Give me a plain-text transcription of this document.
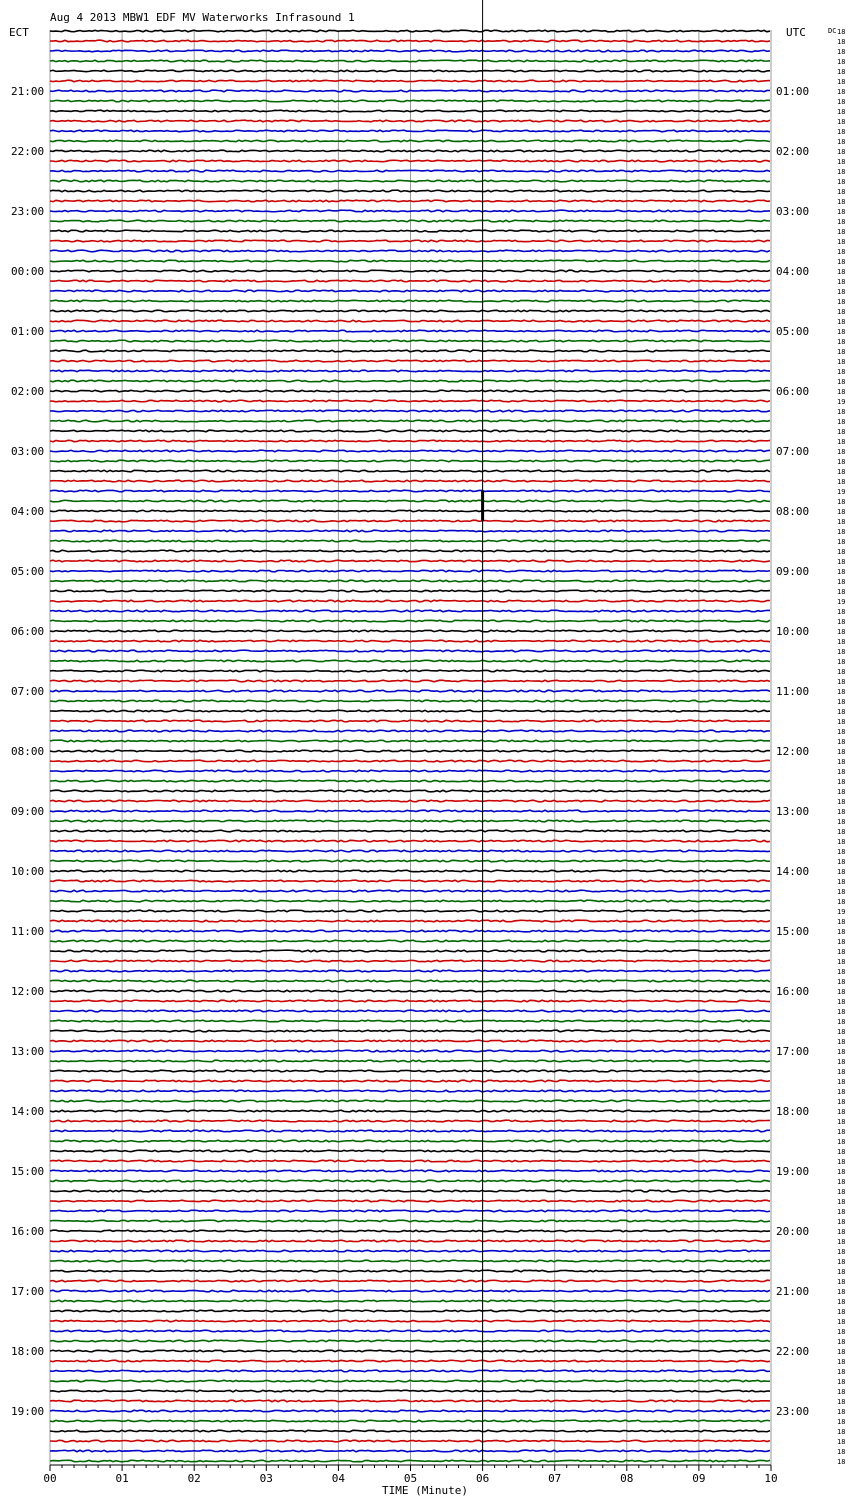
Aug 4 2013 MBW1 EDF MV Waterworks Infrasound 1
ECT	UTC	DC
TIME (Minute)
00	01	02	03	04	05	06	07	08	09	10
21:00
22:00
23:00
00:00
01:00
02:00
03:00
04:00
05:00
06:00
07:00
08:00
09:00
10:00
11:00
12:00
13:00
14:00
15:00
16:00
17:00
18:00
19:00
01:00
02:00
03:00
04:00
05:00
06:00
07:00
08:00
09:00
10:00
11:00
12:00
13:00
14:00
15:00
16:00
17:00
18:00
19:00
20:00
21:00
22:00
23:00
18
18
18
18
18
18
18
18
18
18
18
18
18
18
18
18
18
18
18
18
18
18
18
18
18
18
18
18
18
18
18
18
18
18
18
18
18
19
18
18
18
18
18
18
18
18
19
18
18
18
18
18
18
18
18
18
18
19
18
18
18
18
18
18
18
18
18
18
18
18
18
18
18
18
18
18
18
18
18
18
18
18
18
18
18
18
18
18
19
18
18
18
18
18
18
18
18
18
18
18
18
18
18
18
18
18
18
18
18
18
18
18
18
18
18
18
18
18
18
18
18
18
18
18
18
18
18
18
18
18
18
18
18
18
18
18
18
18
18
18
18
18
18
18
